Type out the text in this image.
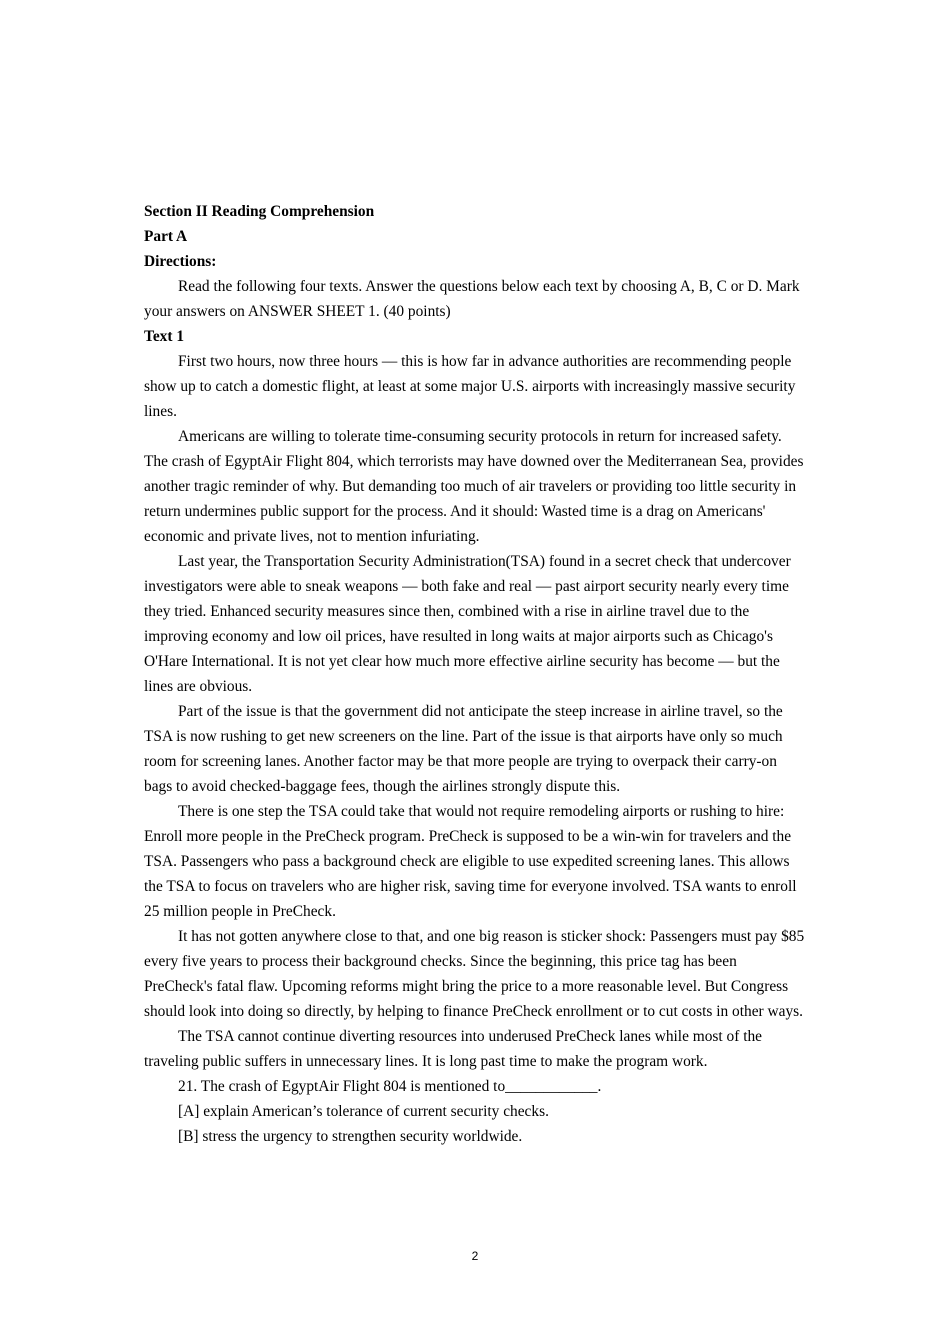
Section II Reading Comprehension

Part A

Directions:

Read the following four texts. Answer the questions below each text by choosing A, B, C or D. Mark your answers on ANSWER SHEET 1. (40 points)

Text 1

First two hours, now three hours — this is how far in advance authorities are recommending people show up to catch a domestic flight, at least at some major U.S. airports with increasingly massive security lines.

Americans are willing to tolerate time-consuming security protocols in return for increased safety. The crash of EgyptAir Flight 804, which terrorists may have downed over the Mediterranean Sea, provides another tragic reminder of why. But demanding too much of air travelers or providing too little security in return undermines public support for the process. And it should: Wasted time is a drag on Americans' economic and private lives, not to mention infuriating.

Last year, the Transportation Security Administration(TSA) found in a secret check that undercover investigators were able to sneak weapons — both fake and real — past airport security nearly every time they tried. Enhanced security measures since then, combined with a rise in airline travel due to the improving economy and low oil prices, have resulted in long waits at major airports such as Chicago's O'Hare International. It is not yet clear how much more effective airline security has become — but the lines are obvious.

Part of the issue is that the government did not anticipate the steep increase in airline travel, so the TSA is now rushing to get new screeners on the line. Part of the issue is that airports have only so much room for screening lanes. Another factor may be that more people are trying to overpack their carry-on bags to avoid checked-baggage fees, though the airlines strongly dispute this.

There is one step the TSA could take that would not require remodeling airports or rushing to hire: Enroll more people in the PreCheck program. PreCheck is supposed to be a win-win for travelers and the TSA. Passengers who pass a background check are eligible to use expedited screening lanes. This allows the TSA to focus on travelers who are higher risk, saving time for everyone involved. TSA wants to enroll 25 million people in PreCheck.

It has not gotten anywhere close to that, and one big reason is sticker shock: Passengers must pay $85 every five years to process their background checks. Since the beginning, this price tag has been PreCheck's fatal flaw. Upcoming reforms might bring the price to a more reasonable level. But Congress should look into doing so directly, by helping to finance PreCheck enrollment or to cut costs in other ways.

The TSA cannot continue diverting resources into underused PreCheck lanes while most of the traveling public suffers in unnecessary lines. It is long past time to make the program work.

21. The crash of EgyptAir Flight 804 is mentioned to____________.

[A] explain American’s tolerance of current security checks.

[B] stress the urgency to strengthen security worldwide.

2
